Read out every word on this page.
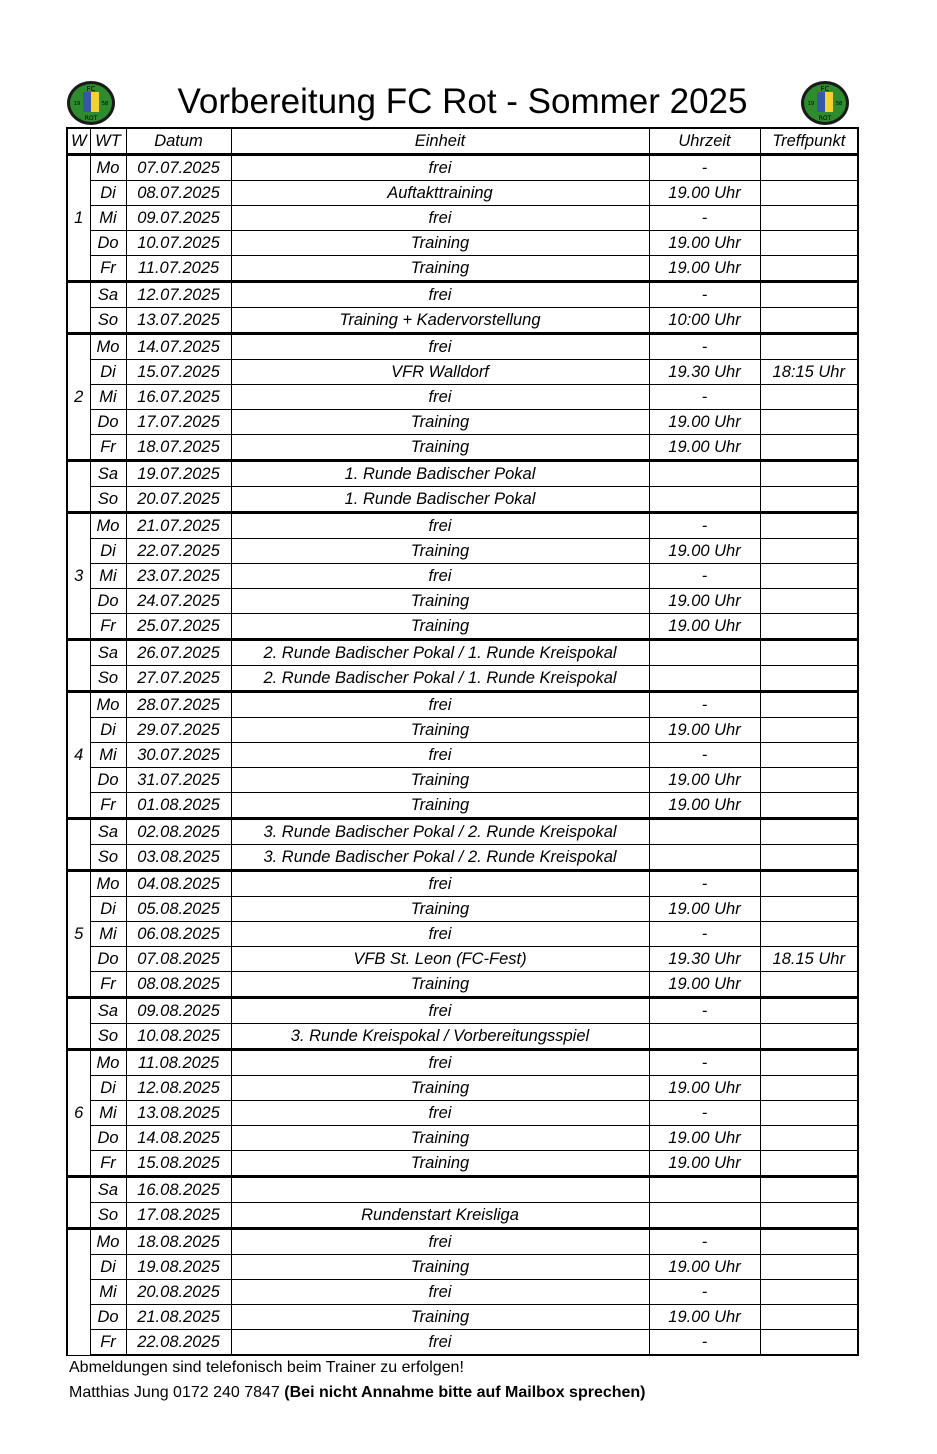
Vorbereitung FC Rot - Sommer 2025
FC
ROT
19	58
FC
ROT
19	58
W	WT	Datum	Einheit	Uhrzeit	Treffpunkt
1	Mo	07.07.2025	frei	-	
	Di	08.07.2025	Auftakttraining	19.00 Uhr	
	Mi	09.07.2025	frei	-	
	Do	10.07.2025	Training	19.00 Uhr	
	Fr	11.07.2025	Training	19.00 Uhr	
	Sa	12.07.2025	frei	-	
	So	13.07.2025	Training + Kadervorstellung	10:00 Uhr	
2	Mo	14.07.2025	frei	-	
	Di	15.07.2025	VFR Walldorf	19.30 Uhr	18:15 Uhr
	Mi	16.07.2025	frei	-	
	Do	17.07.2025	Training	19.00 Uhr	
	Fr	18.07.2025	Training	19.00 Uhr	
	Sa	19.07.2025	1. Runde Badischer Pokal		
	So	20.07.2025	1. Runde Badischer Pokal		
3	Mo	21.07.2025	frei	-	
	Di	22.07.2025	Training	19.00 Uhr	
	Mi	23.07.2025	frei	-	
	Do	24.07.2025	Training	19.00 Uhr	
	Fr	25.07.2025	Training	19.00 Uhr	
	Sa	26.07.2025	2. Runde Badischer Pokal / 1. Runde Kreispokal		
	So	27.07.2025	2. Runde Badischer Pokal / 1. Runde Kreispokal		
4	Mo	28.07.2025	frei	-	
	Di	29.07.2025	Training	19.00 Uhr	
	Mi	30.07.2025	frei	-	
	Do	31.07.2025	Training	19.00 Uhr	
	Fr	01.08.2025	Training	19.00 Uhr	
	Sa	02.08.2025	3. Runde Badischer Pokal / 2. Runde Kreispokal		
	So	03.08.2025	3. Runde Badischer Pokal / 2. Runde Kreispokal		
5	Mo	04.08.2025	frei	-	
	Di	05.08.2025	Training	19.00 Uhr	
	Mi	06.08.2025	frei	-	
	Do	07.08.2025	VFB St. Leon (FC-Fest)	19.30 Uhr	18.15 Uhr
	Fr	08.08.2025	Training	19.00 Uhr	
	Sa	09.08.2025	frei	-	
	So	10.08.2025	3. Runde Kreispokal / Vorbereitungsspiel		
6	Mo	11.08.2025	frei	-	
	Di	12.08.2025	Training	19.00 Uhr	
	Mi	13.08.2025	frei	-	
	Do	14.08.2025	Training	19.00 Uhr	
	Fr	15.08.2025	Training	19.00 Uhr	
	Sa	16.08.2025			
	So	17.08.2025	Rundenstart Kreisliga		
	Mo	18.08.2025	frei	-	
	Di	19.08.2025	Training	19.00 Uhr	
	Mi	20.08.2025	frei	-	
	Do	21.08.2025	Training	19.00 Uhr	
	Fr	22.08.2025	frei	-	
Abmeldungen sind telefonisch beim Trainer zu erfolgen!
Matthias Jung 0172 240 7847 (Bei nicht Annahme bitte auf Mailbox sprechen)
